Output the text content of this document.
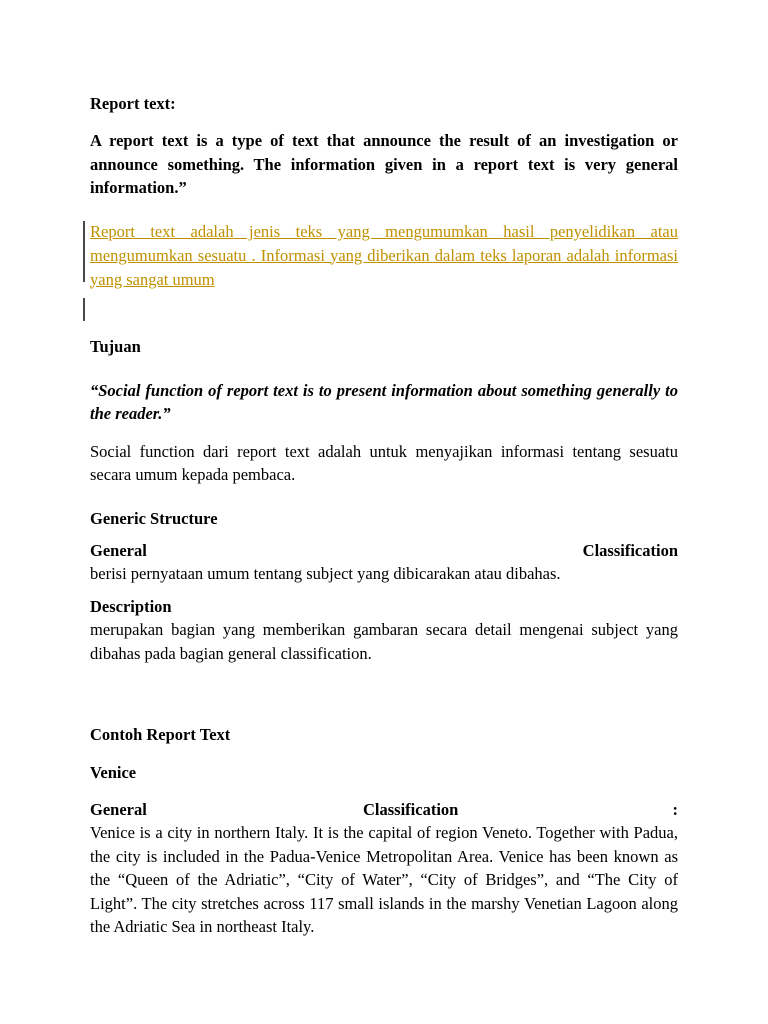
Report text:

A report text is a type of text that announce the result of an investigation or announce something. The information given in a report text is very general information.”

Report text adalah jenis teks yang mengumumkan hasil penyelidikan atau mengumumkan sesuatu . Informasi yang diberikan dalam teks laporan adalah informasi yang sangat umum

Tujuan

“Social function of report text is to present information about something generally to the reader.”

Social function dari report text adalah untuk menyajikan informasi tentang sesuatu secara umum kepada pembaca.

Generic Structure
General	Classification

berisi pernyataan umum tentang subject yang dibicarakan atau dibahas.

Description

merupakan bagian yang memberikan gambaran secara detail mengenai subject yang dibahas pada bagian general classification.

Contoh Report Text
Venice
General	Classification	:

Venice is a city in northern Italy. It is the capital of region Veneto. Together with Padua, the city is included in the Padua-Venice Metropolitan Area. Venice has been known as the “Queen of the Adriatic”, “City of Water”, “City of Bridges”, and “The City of Light”. The city stretches across 117 small islands in the marshy Venetian Lagoon along the Adriatic Sea in northeast Italy.
